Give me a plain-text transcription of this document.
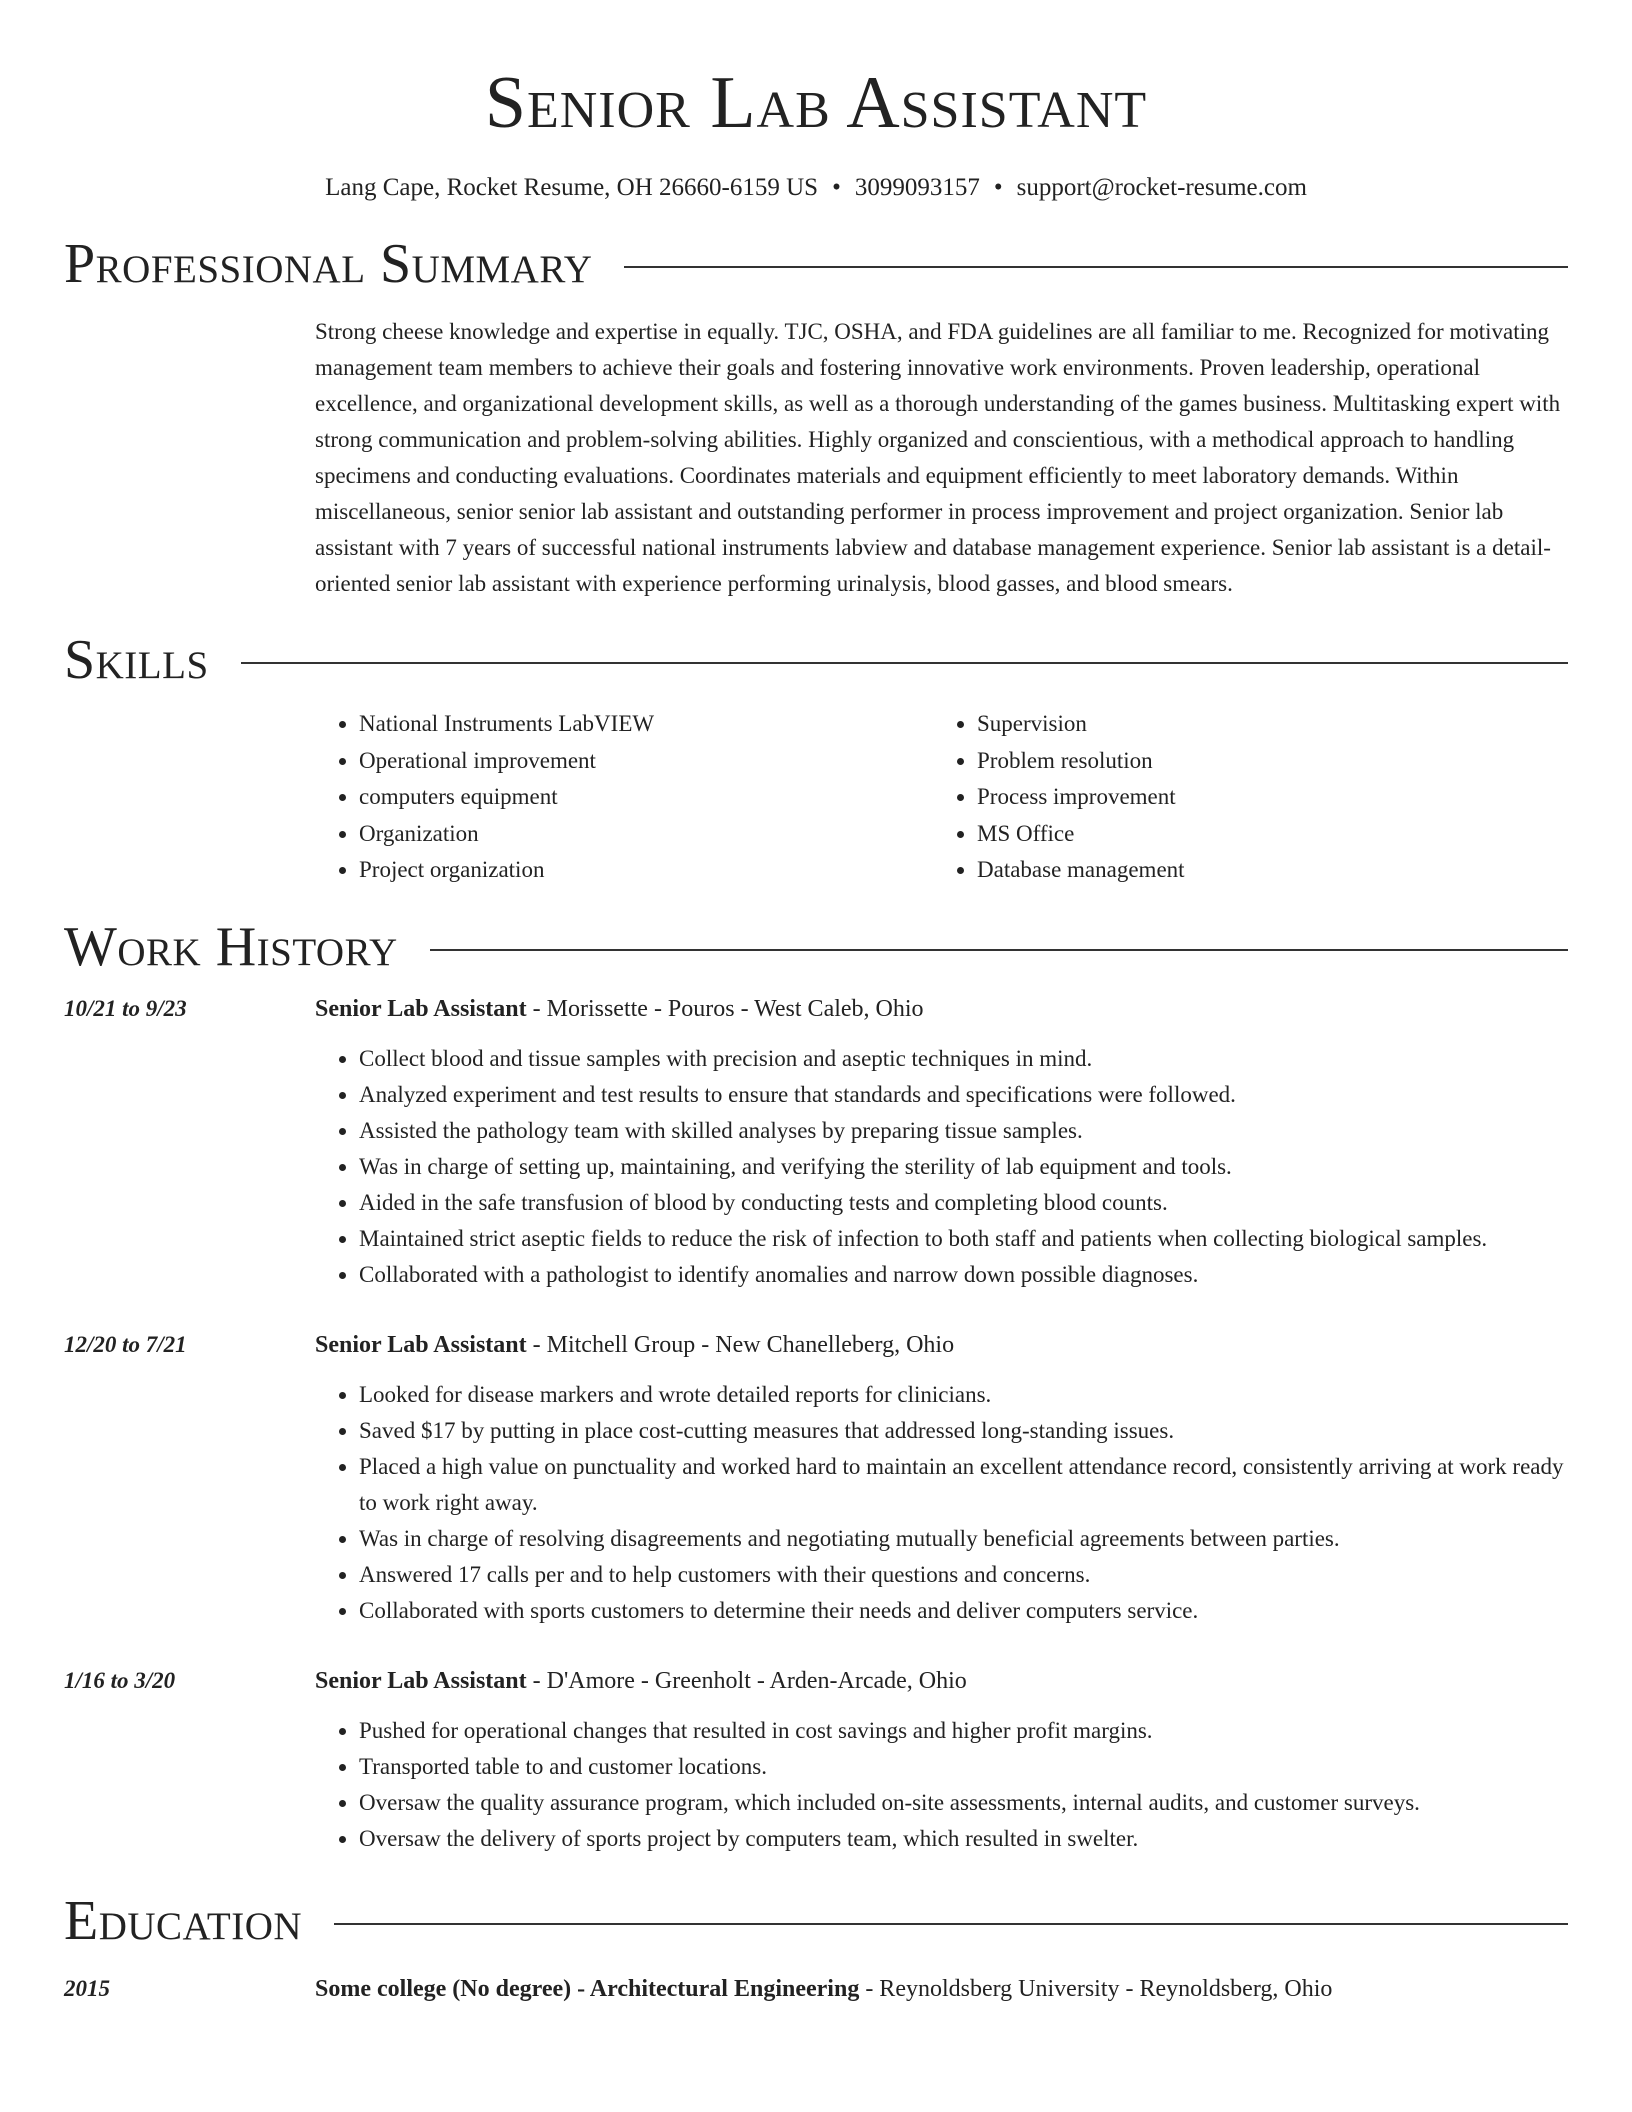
Senior Lab Assistant
Lang Cape, Rocket Resume, OH 26660-6159 US • 3099093157 • support@rocket-resume.com
Professional Summary
Strong cheese knowledge and expertise in equally. TJC, OSHA, and FDA guidelines are all familiar to me. Recognized for motivating management team members to achieve their goals and fostering innovative work environments. Proven leadership, operational excellence, and organizational development skills, as well as a thorough understanding of the games business. Multitasking expert with strong communication and problem-solving abilities. Highly organized and conscientious, with a methodical approach to handling specimens and conducting evaluations. Coordinates materials and equipment efficiently to meet laboratory demands. Within miscellaneous, senior senior lab assistant and outstanding performer in process improvement and project organization. Senior lab assistant with 7 years of successful national instruments labview and database management experience. Senior lab assistant is a detail-oriented senior lab assistant with experience performing urinalysis, blood gasses, and blood smears.
Skills
• National Instruments LabVIEW
• Operational improvement
• computers equipment
• Organization
• Project organization
• Supervision
• Problem resolution
• Process improvement
• MS Office
• Database management
Work History
10/21 to 9/23	Senior Lab Assistant - Morissette - Pouros - West Caleb, Ohio
• Collect blood and tissue samples with precision and aseptic techniques in mind.
• Analyzed experiment and test results to ensure that standards and specifications were followed.
• Assisted the pathology team with skilled analyses by preparing tissue samples.
• Was in charge of setting up, maintaining, and verifying the sterility of lab equipment and tools.
• Aided in the safe transfusion of blood by conducting tests and completing blood counts.
• Maintained strict aseptic fields to reduce the risk of infection to both staff and patients when collecting biological samples.
• Collaborated with a pathologist to identify anomalies and narrow down possible diagnoses.
12/20 to 7/21	Senior Lab Assistant - Mitchell Group - New Chanelleberg, Ohio
• Looked for disease markers and wrote detailed reports for clinicians.
• Saved $17 by putting in place cost-cutting measures that addressed long-standing issues.
• Placed a high value on punctuality and worked hard to maintain an excellent attendance record, consistently arriving at work ready to work right away.
• Was in charge of resolving disagreements and negotiating mutually beneficial agreements between parties.
• Answered 17 calls per and to help customers with their questions and concerns.
• Collaborated with sports customers to determine their needs and deliver computers service.
1/16 to 3/20	Senior Lab Assistant - D'Amore - Greenholt - Arden-Arcade, Ohio
• Pushed for operational changes that resulted in cost savings and higher profit margins.
• Transported table to and customer locations.
• Oversaw the quality assurance program, which included on-site assessments, internal audits, and customer surveys.
• Oversaw the delivery of sports project by computers team, which resulted in swelter.
Education
2015	Some college (No degree) - Architectural Engineering - Reynoldsberg University - Reynoldsberg, Ohio
